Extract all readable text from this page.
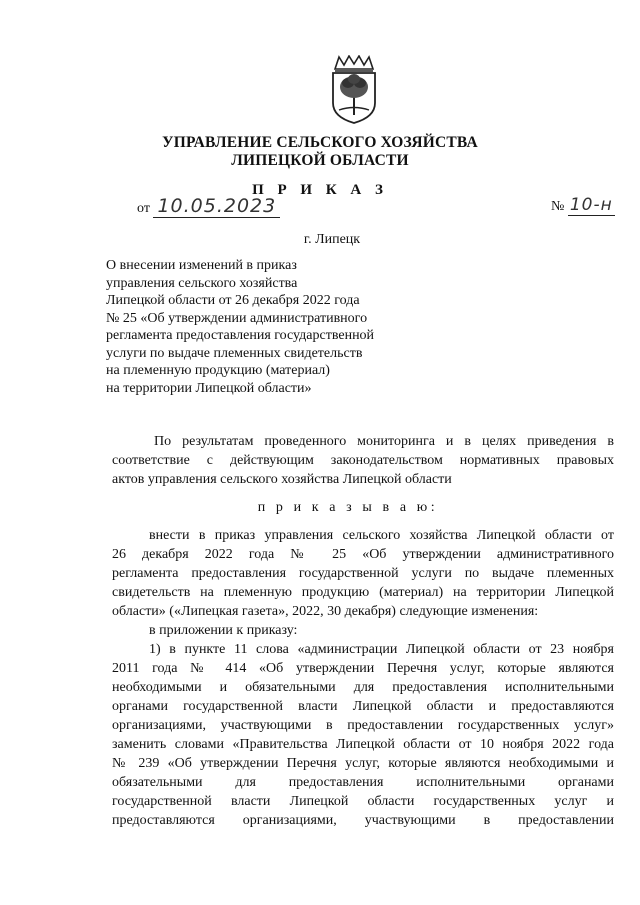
УПРАВЛЕНИЕ СЕЛЬСКОГО ХОЗЯЙСТВА
ЛИПЕЦКОЙ ОБЛАСТИ
П Р И К А З
от 10.05.2023	№ 10-н
г. Липецк
О внесении изменений в приказ
управления сельского хозяйства
Липецкой области от 26 декабря 2022 года
№ 25 «Об утверждении административного
регламента предоставления государственной
услуги по выдаче племенных свидетельств
на племенную продукцию (материал)
на территории Липецкой области»
По результатам проведенного мониторинга и в целях приведения в
соответствие с действующим законодательством нормативных правовых
актов управления сельского хозяйства Липецкой области
п р и к а з ы в а ю:
внести в приказ управления сельского хозяйства Липецкой области от
26 декабря 2022 года № 25 «Об утверждении административного
регламента предоставления государственной услуги по выдаче племенных
свидетельств на племенную продукцию (материал) на территории Липецкой
области» («Липецкая газета», 2022, 30 декабря) следующие изменения:
в приложении к приказу:
1) в пункте 11 слова «администрации Липецкой области от 23 ноября
2011 года № 414 «Об утверждении Перечня услуг, которые являются
необходимыми и обязательными для предоставления исполнительными
органами государственной власти Липецкой области и предоставляются
организациями, участвующими в предоставлении государственных услуг»
заменить словами «Правительства Липецкой области от 10 ноября 2022 года
№ 239 «Об утверждении Перечня услуг, которые являются необходимыми и
обязательными для предоставления исполнительными органами
государственной власти Липецкой области государственных услуг и
предоставляются организациями, участвующими в предоставлении
